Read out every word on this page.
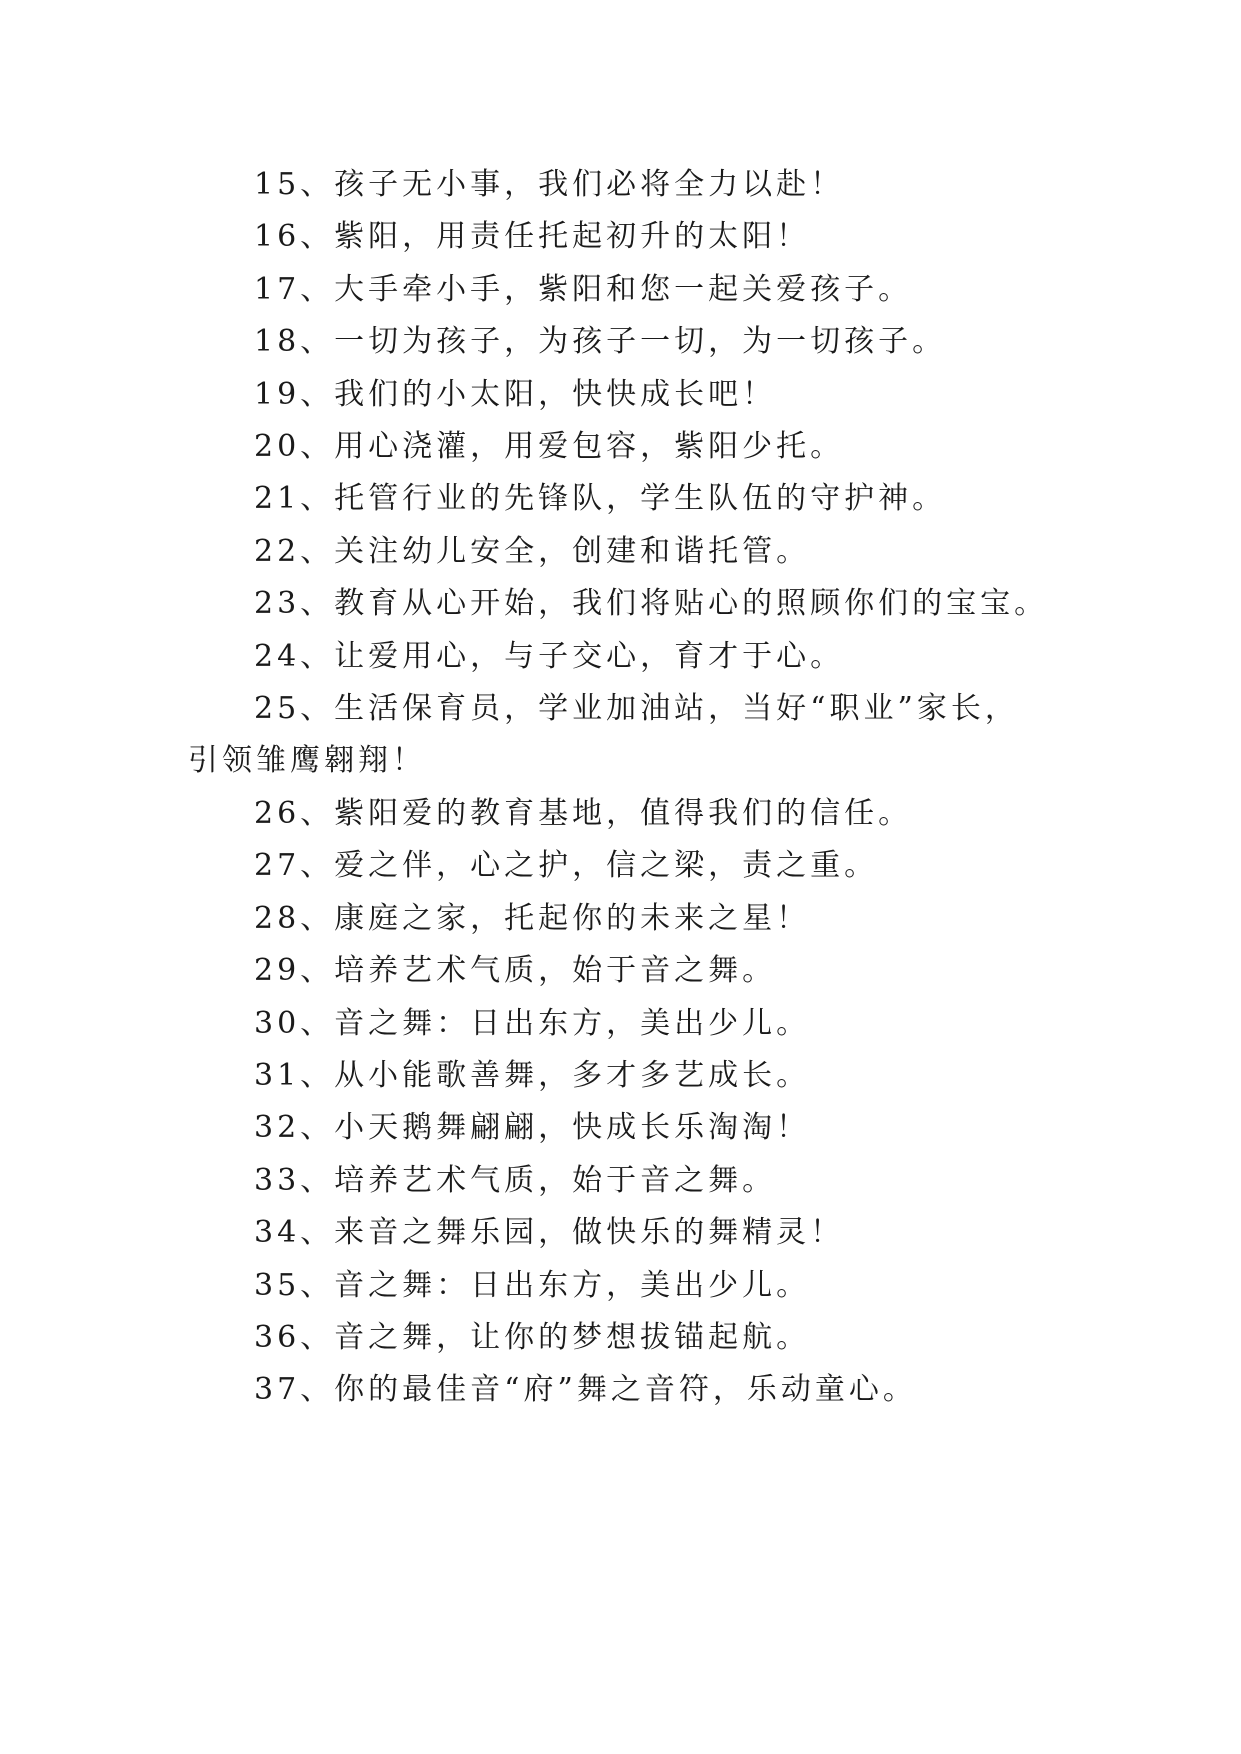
15、孩子无小事，我们必将全力以赴！

16、紫阳，用责任托起初升的太阳！

17、大手牵小手，紫阳和您一起关爱孩子。

18、一切为孩子，为孩子一切，为一切孩子。

19、我们的小太阳，快快成长吧！

20、用心浇灌，用爱包容，紫阳少托。

21、托管行业的先锋队，学生队伍的守护神。

22、关注幼儿安全，创建和谐托管。

23、教育从心开始，我们将贴心的照顾你们的宝宝。

24、让爱用心，与子交心，育才于心。

25、生活保育员，学业加油站，当好“职业”家长，引领雏鹰翱翔！

26、紫阳爱的教育基地，值得我们的信任。

27、爱之伴，心之护，信之梁，责之重。

28、康庭之家，托起你的未来之星！

29、培养艺术气质，始于音之舞。

30、音之舞：日出东方，美出少儿。

31、从小能歌善舞，多才多艺成长。

32、小天鹅舞翩翩，快成长乐淘淘！

33、培养艺术气质，始于音之舞。

34、来音之舞乐园，做快乐的舞精灵！

35、音之舞：日出东方，美出少儿。

36、音之舞，让你的梦想拔锚起航。

37、你的最佳音“府”舞之音符，乐动童心。
